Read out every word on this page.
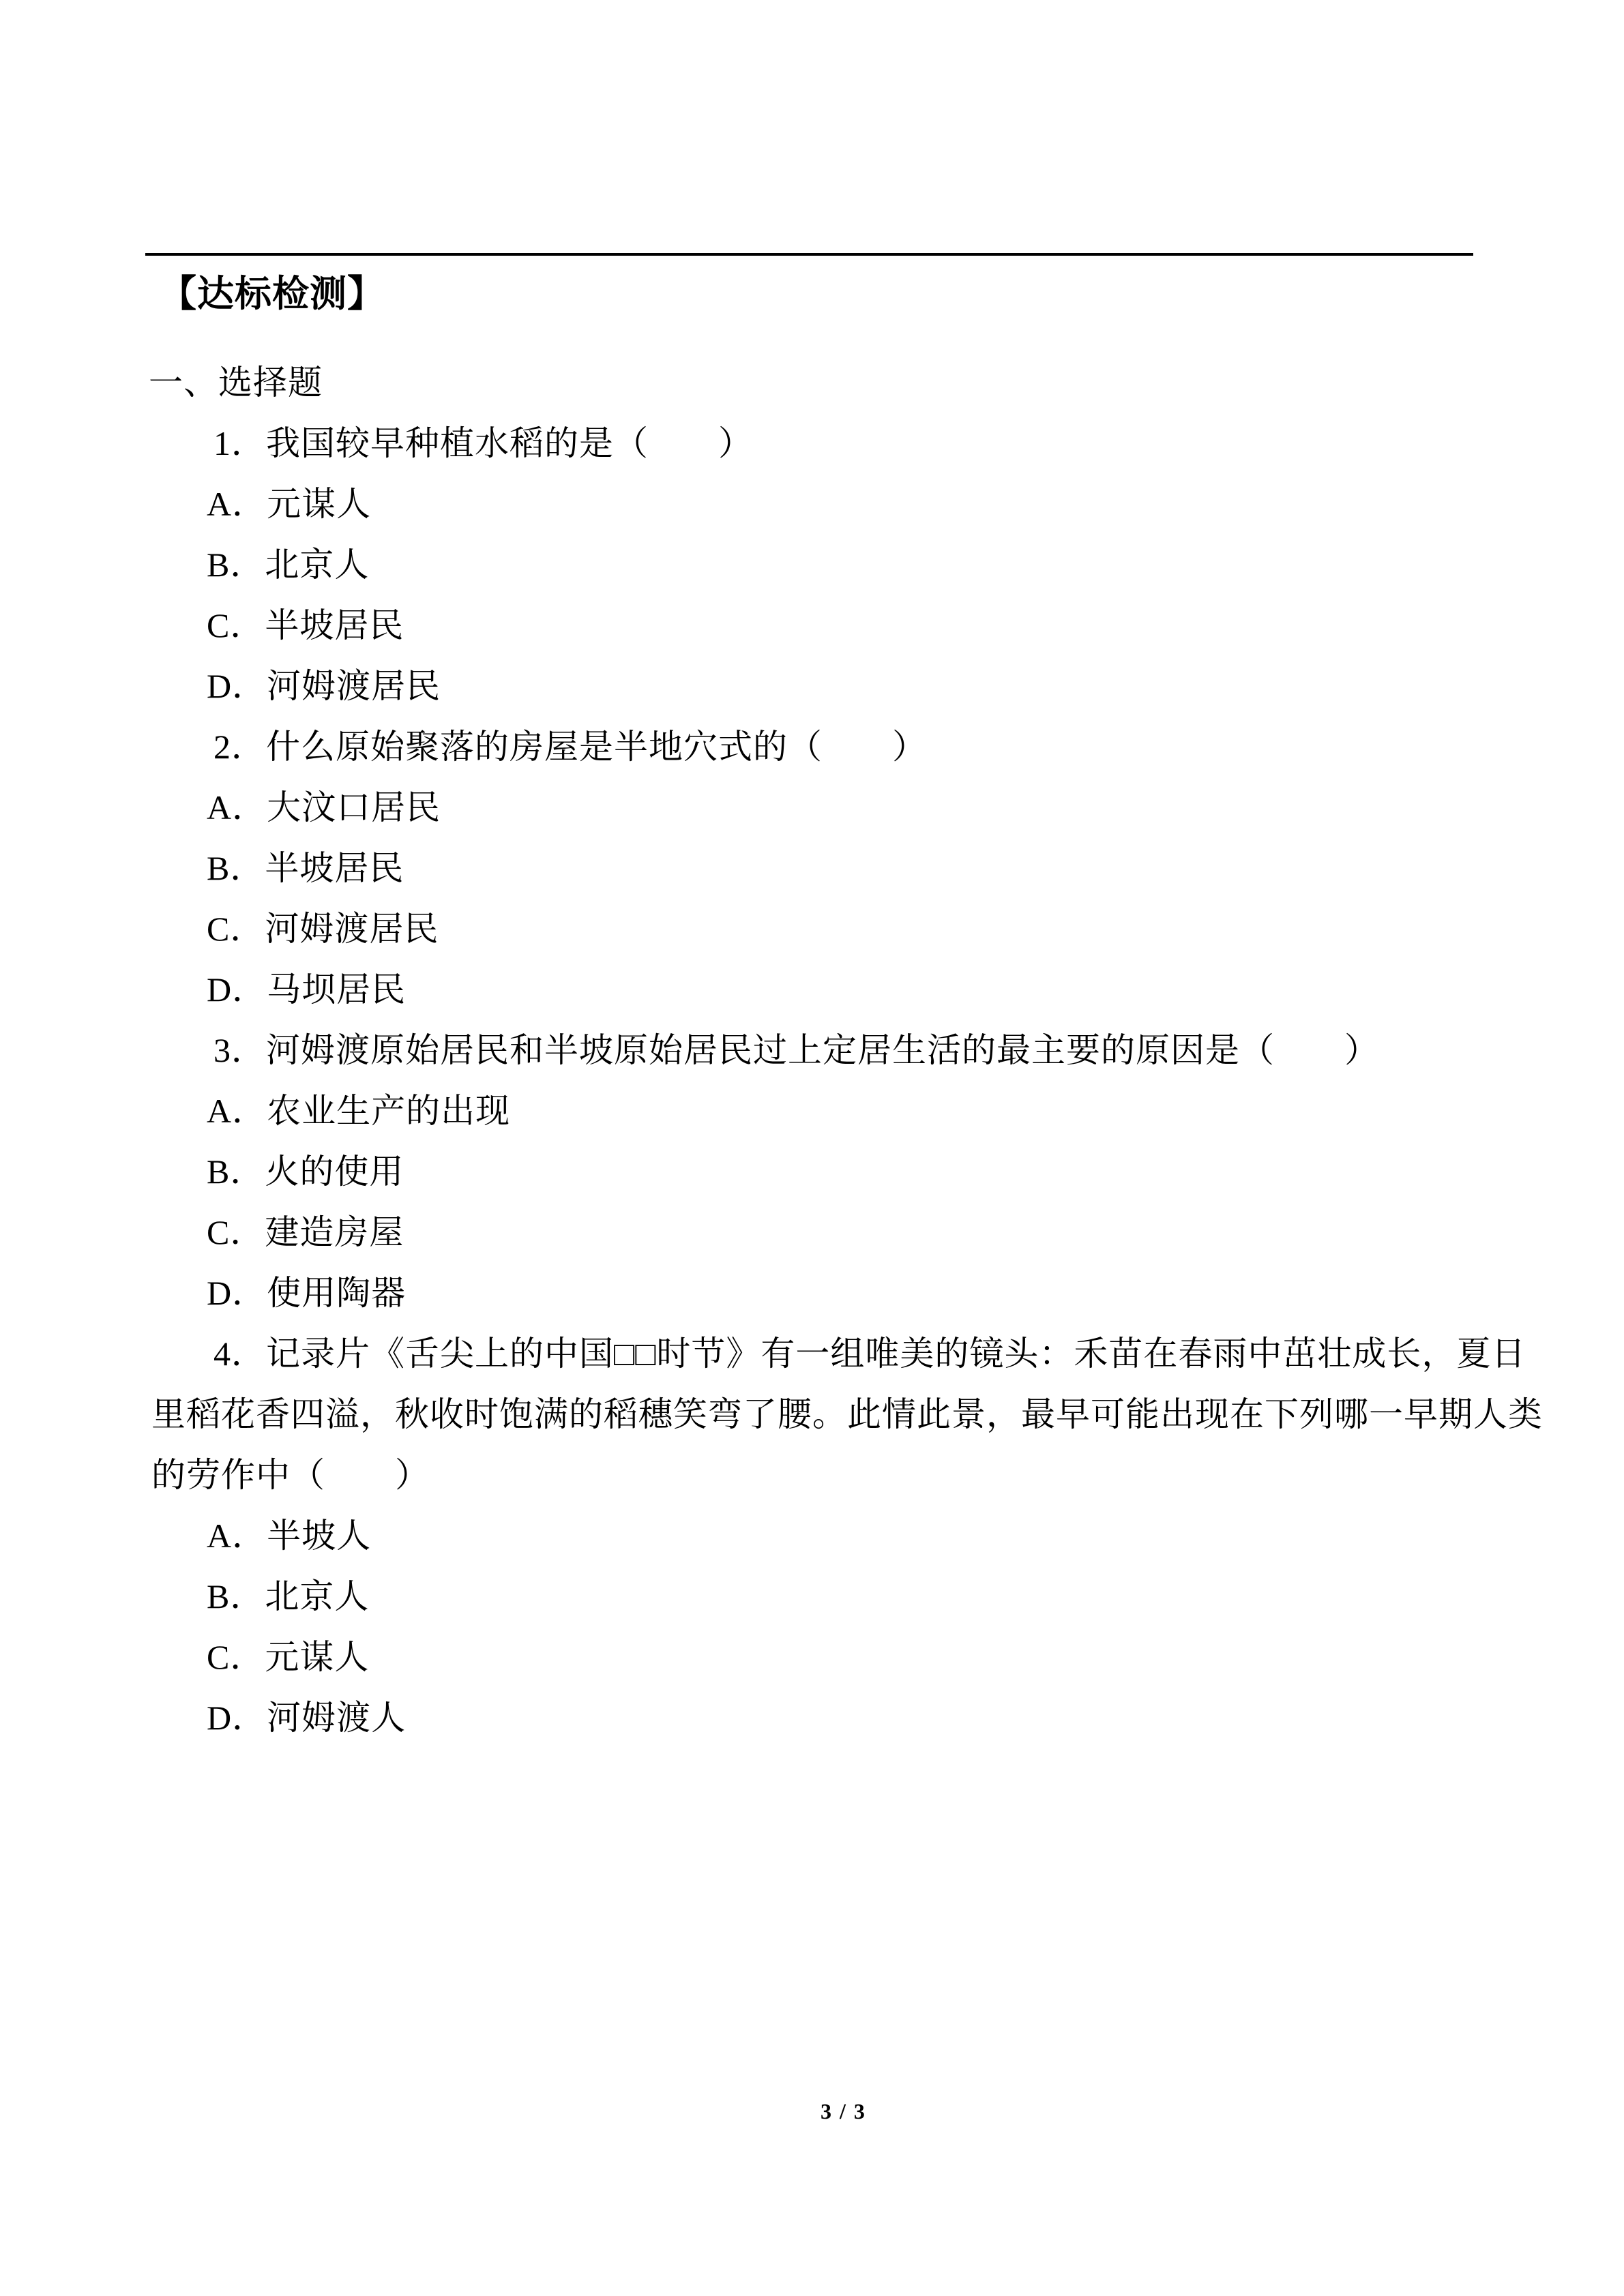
【达标检测】
一、选择题
1．我国较早种植水稻的是（　　）
A．元谋人
B．北京人
C．半坡居民
D．河姆渡居民
2．什么原始聚落的房屋是半地穴式的（　　）
A．大汶口居民
B．半坡居民
C．河姆渡居民
D．马坝居民
3．河姆渡原始居民和半坡原始居民过上定居生活的最主要的原因是（　　）
A．农业生产的出现
B．火的使用
C．建造房屋
D．使用陶器
4．记录片《舌尖上的中国□□时节》有一组唯美的镜头：禾苗在春雨中茁壮成长，夏日
里稻花香四溢，秋收时饱满的稻穗笑弯了腰。此情此景，最早可能出现在下列哪一早期人类
的劳作中（　　）
A．半坡人
B．北京人
C．元谋人
D．河姆渡人
3 / 3
